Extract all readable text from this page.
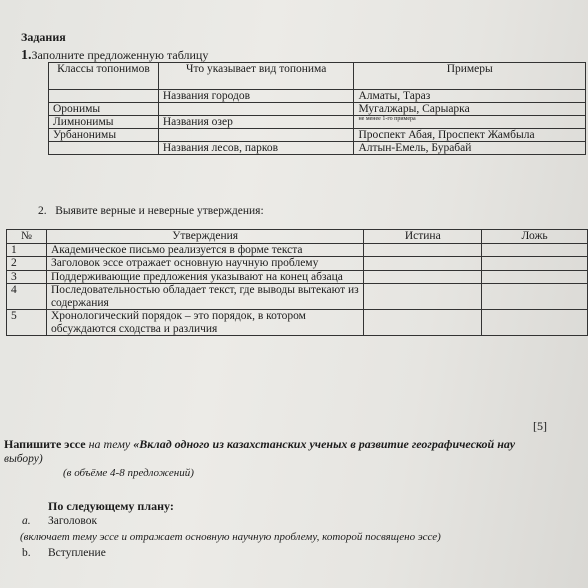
Задания
1.Заполните предложенную таблицу
Классы топонимов	Что указывает вид топонима	Примеры
	Названия городов	Алматы, Тараз
Оронимы		Мугалжары, Сарыарка
Лимнонимы	Названия озер	не менее 1-го примера
Урбанонимы		Проспект Абая, Проспект Жамбыла
	Названия лесов, парков	Алтын-Емель, Бурабай
2. Выявите верные и неверные утверждения:
№	Утверждения	Истина	Ложь
1	Академическое письмо реализуется в форме текста		
2	Заголовок эссе отражает основную научную проблему		
3	Поддерживающие предложения указывают на конец абзаца		
4	Последовательностью обладает текст, где выводы вытекают из содержания		
5	Хронологический порядок – это порядок, в котором обсуждаются сходства и различия		
[5]
Напишите эссе на тему «Вклад одного из казахстанских ученых в развитие географической нау
выбору)
(в объёме 4-8 предложений)
По следующему плану:
a. Заголовок
(включает тему эссе и отражает основную научную проблему, которой посвящено эссе)
b. Вступление
